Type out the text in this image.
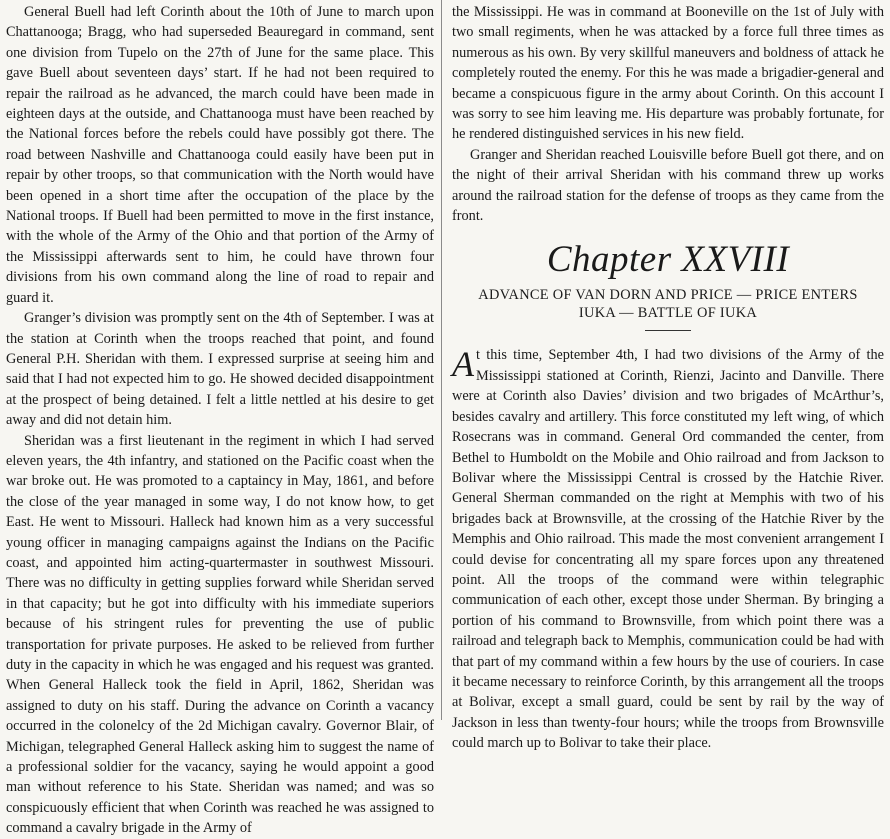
General Buell had left Corinth about the 10th of June to march upon Chattanooga; Bragg, who had superseded Beauregard in command, sent one division from Tupelo on the 27th of June for the same place. This gave Buell about seventeen days’ start. If he had not been required to repair the railroad as he advanced, the march could have been made in eighteen days at the outside, and Chattanooga must have been reached by the National forces before the rebels could have possibly got there. The road between Nashville and Chattanooga could easily have been put in repair by other troops, so that communication with the North would have been opened in a short time after the occupation of the place by the National troops. If Buell had been permitted to move in the first instance, with the whole of the Army of the Ohio and that portion of the Army of the Mississippi afterwards sent to him, he could have thrown four divisions from his own command along the line of road to repair and guard it.

Granger’s division was promptly sent on the 4th of September. I was at the station at Corinth when the troops reached that point, and found General P.H. Sheridan with them. I expressed surprise at seeing him and said that I had not expected him to go. He showed decided disappointment at the prospect of being detained. I felt a little nettled at his desire to get away and did not detain him.

Sheridan was a first lieutenant in the regiment in which I had served eleven years, the 4th infantry, and stationed on the Pacific coast when the war broke out. He was promoted to a captaincy in May, 1861, and before the close of the year managed in some way, I do not know how, to get East. He went to Missouri. Halleck had known him as a very successful young officer in managing campaigns against the Indians on the Pacific coast, and appointed him acting-quartermaster in southwest Missouri. There was no difficulty in getting supplies forward while Sheridan served in that capacity; but he got into difficulty with his immediate superiors because of his stringent rules for preventing the use of public transportation for private purposes. He asked to be relieved from further duty in the capacity in which he was engaged and his request was granted. When General Halleck took the field in April, 1862, Sheridan was assigned to duty on his staff. During the advance on Corinth a vacancy occurred in the colonelcy of the 2d Michigan cavalry. Governor Blair, of Michigan, telegraphed General Halleck asking him to suggest the name of a professional soldier for the vacancy, saying he would appoint a good man without reference to his State. Sheridan was named; and was so conspicuously efficient that when Corinth was reached he was assigned to command a cavalry brigade in the Army of

the Mississippi. He was in command at Booneville on the 1st of July with two small regiments, when he was attacked by a force full three times as numerous as his own. By very skillful maneuvers and boldness of attack he completely routed the enemy. For this he was made a brigadier-general and became a conspicuous figure in the army about Corinth. On this account I was sorry to see him leaving me. His departure was probably fortunate, for he rendered distinguished services in his new field.

Granger and Sheridan reached Louisville before Buell got there, and on the night of their arrival Sheridan with his command threw up works around the railroad station for the defense of troops as they came from the front.

Chapter XXVIII
ADVANCE OF VAN DORN AND PRICE — PRICE ENTERS IUKA — BATTLE OF IUKA

At this time, September 4th, I had two divisions of the Army of the Mississippi stationed at Corinth, Rienzi, Jacinto and Danville. There were at Corinth also Davies’ division and two brigades of McArthur’s, besides cavalry and artillery. This force constituted my left wing, of which Rosecrans was in command. General Ord commanded the center, from Bethel to Humboldt on the Mobile and Ohio railroad and from Jackson to Bolivar where the Mississippi Central is crossed by the Hatchie River. General Sherman commanded on the right at Memphis with two of his brigades back at Brownsville, at the crossing of the Hatchie River by the Memphis and Ohio railroad. This made the most convenient arrangement I could devise for concentrating all my spare forces upon any threatened point. All the troops of the command were within telegraphic communication of each other, except those under Sherman. By bringing a portion of his command to Brownsville, from which point there was a railroad and telegraph back to Memphis, communication could be had with that part of my command within a few hours by the use of couriers. In case it became necessary to reinforce Corinth, by this arrangement all the troops at Bolivar, except a small guard, could be sent by rail by the way of Jackson in less than twenty-four hours; while the troops from Brownsville could march up to Bolivar to take their place.
